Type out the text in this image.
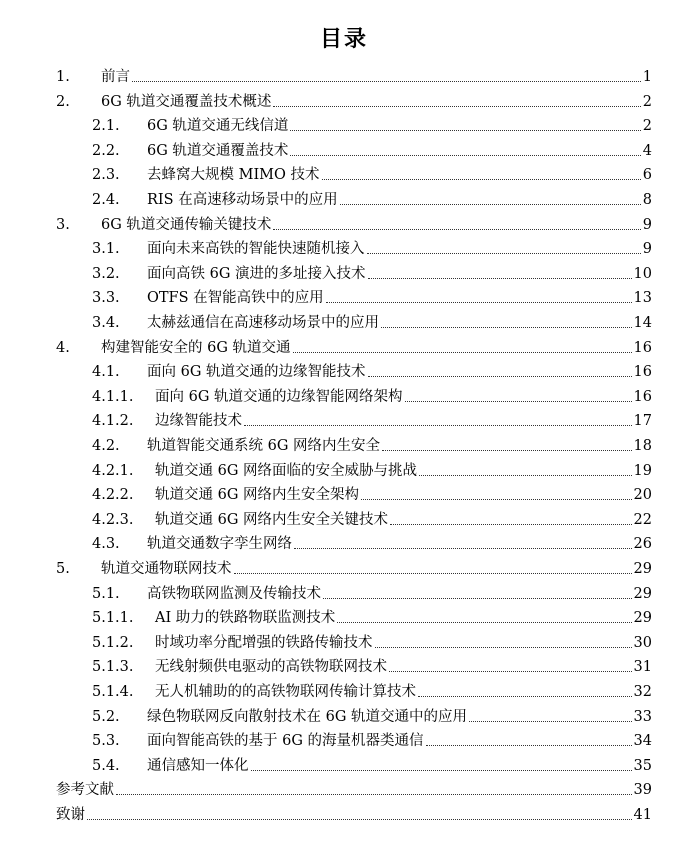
目录
1.	前言	1
2.	6G 轨道交通覆盖技术概述	2
2.1.	6G 轨道交通无线信道	2
2.2.	6G 轨道交通覆盖技术	4
2.3.	去蜂窝大规模 MIMO 技术	6
2.4.	RIS 在高速移动场景中的应用	8
3.	6G 轨道交通传输关键技术	9
3.1.	面向未来高铁的智能快速随机接入	9
3.2.	面向高铁 6G 演进的多址接入技术	10
3.3.	OTFS 在智能高铁中的应用	13
3.4.	太赫兹通信在高速移动场景中的应用	14
4.	构建智能安全的 6G 轨道交通	16
4.1.	面向 6G 轨道交通的边缘智能技术	16
4.1.1.	面向 6G 轨道交通的边缘智能网络架构	16
4.1.2.	边缘智能技术	17
4.2.	轨道智能交通系统 6G 网络内生安全	18
4.2.1.	轨道交通 6G 网络面临的安全威胁与挑战	19
4.2.2.	轨道交通 6G 网络内生安全架构	20
4.2.3.	轨道交通 6G 网络内生安全关键技术	22
4.3.	轨道交通数字孪生网络	26
5.	轨道交通物联网技术	29
5.1.	高铁物联网监测及传输技术	29
5.1.1.	AI 助力的铁路物联监测技术	29
5.1.2.	时域功率分配增强的铁路传输技术	30
5.1.3.	无线射频供电驱动的高铁物联网技术	31
5.1.4.	无人机辅助的的高铁物联网传输计算技术	32
5.2.	绿色物联网反向散射技术在 6G 轨道交通中的应用	33
5.3.	面向智能高铁的基于 6G 的海量机器类通信	34
5.4.	通信感知一体化	35
参考文献	39
致谢	41
